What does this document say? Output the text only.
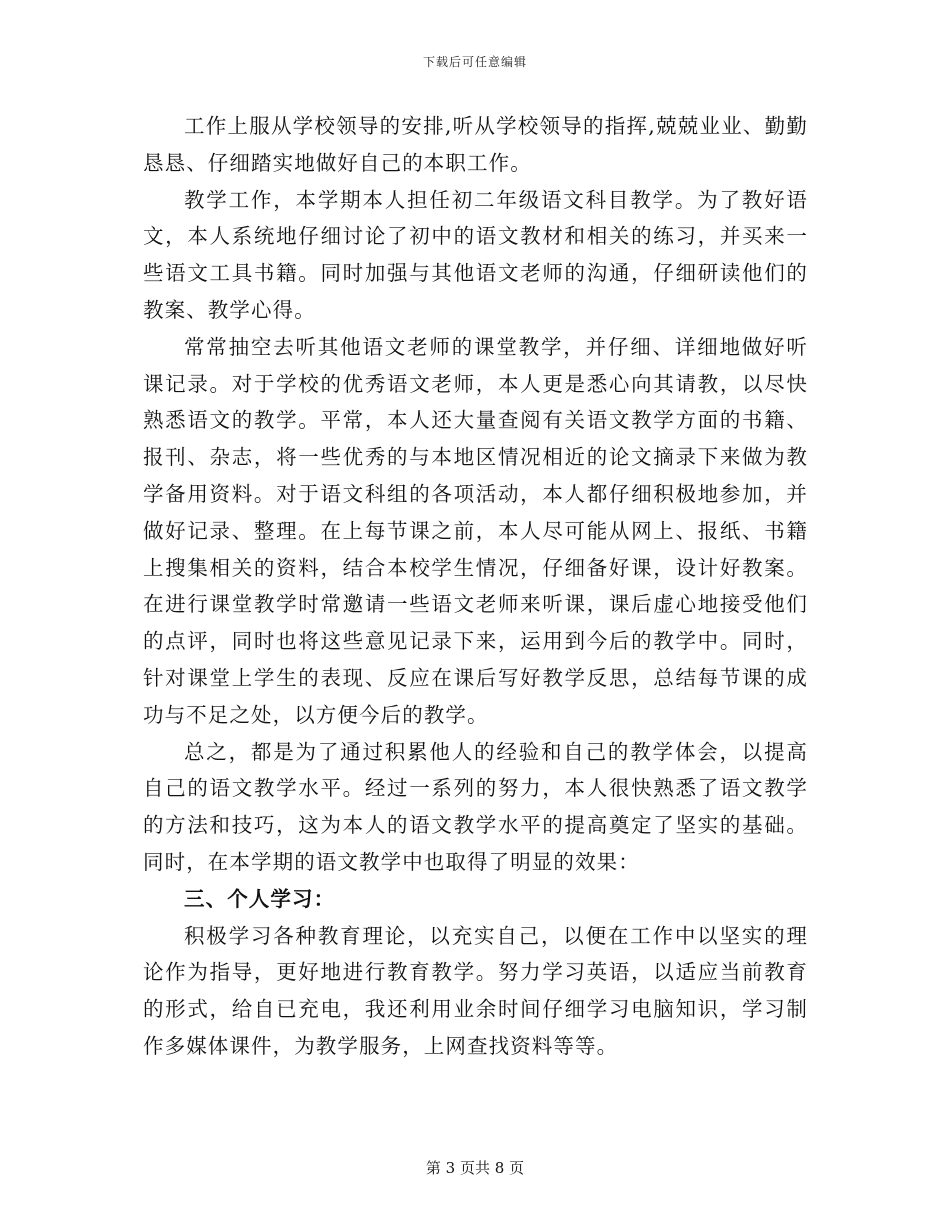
下载后可任意编辑

工作上服从学校领导的安排,听从学校领导的指挥,兢兢业业、勤勤恳恳、仔细踏实地做好自己的本职工作。

教学工作，本学期本人担任初二年级语文科目教学。为了教好语文，本人系统地仔细讨论了初中的语文教材和相关的练习，并买来一些语文工具书籍。同时加强与其他语文老师的沟通，仔细研读他们的教案、教学心得。

常常抽空去听其他语文老师的课堂教学，并仔细、详细地做好听课记录。对于学校的优秀语文老师，本人更是悉心向其请教，以尽快熟悉语文的教学。平常，本人还大量查阅有关语文教学方面的书籍、报刊、杂志，将一些优秀的与本地区情况相近的论文摘录下来做为教学备用资料。对于语文科组的各项活动，本人都仔细积极地参加，并做好记录、整理。在上每节课之前，本人尽可能从网上、报纸、书籍上搜集相关的资料，结合本校学生情况，仔细备好课，设计好教案。在进行课堂教学时常邀请一些语文老师来听课，课后虚心地接受他们的点评，同时也将这些意见记录下来，运用到今后的教学中。同时，针对课堂上学生的表现、反应在课后写好教学反思，总结每节课的成功与不足之处，以方便今后的教学。

总之，都是为了通过积累他人的经验和自己的教学体会，以提高自己的语文教学水平。经过一系列的努力，本人很快熟悉了语文教学的方法和技巧，这为本人的语文教学水平的提高奠定了坚实的基础。同时，在本学期的语文教学中也取得了明显的效果：

三、个人学习：

积极学习各种教育理论，以充实自己，以便在工作中以坚实的理论作为指导，更好地进行教育教学。努力学习英语，以适应当前教育的形式，给自已充电，我还利用业余时间仔细学习电脑知识，学习制作多媒体课件，为教学服务，上网查找资料等等。

第 3 页共 8 页
